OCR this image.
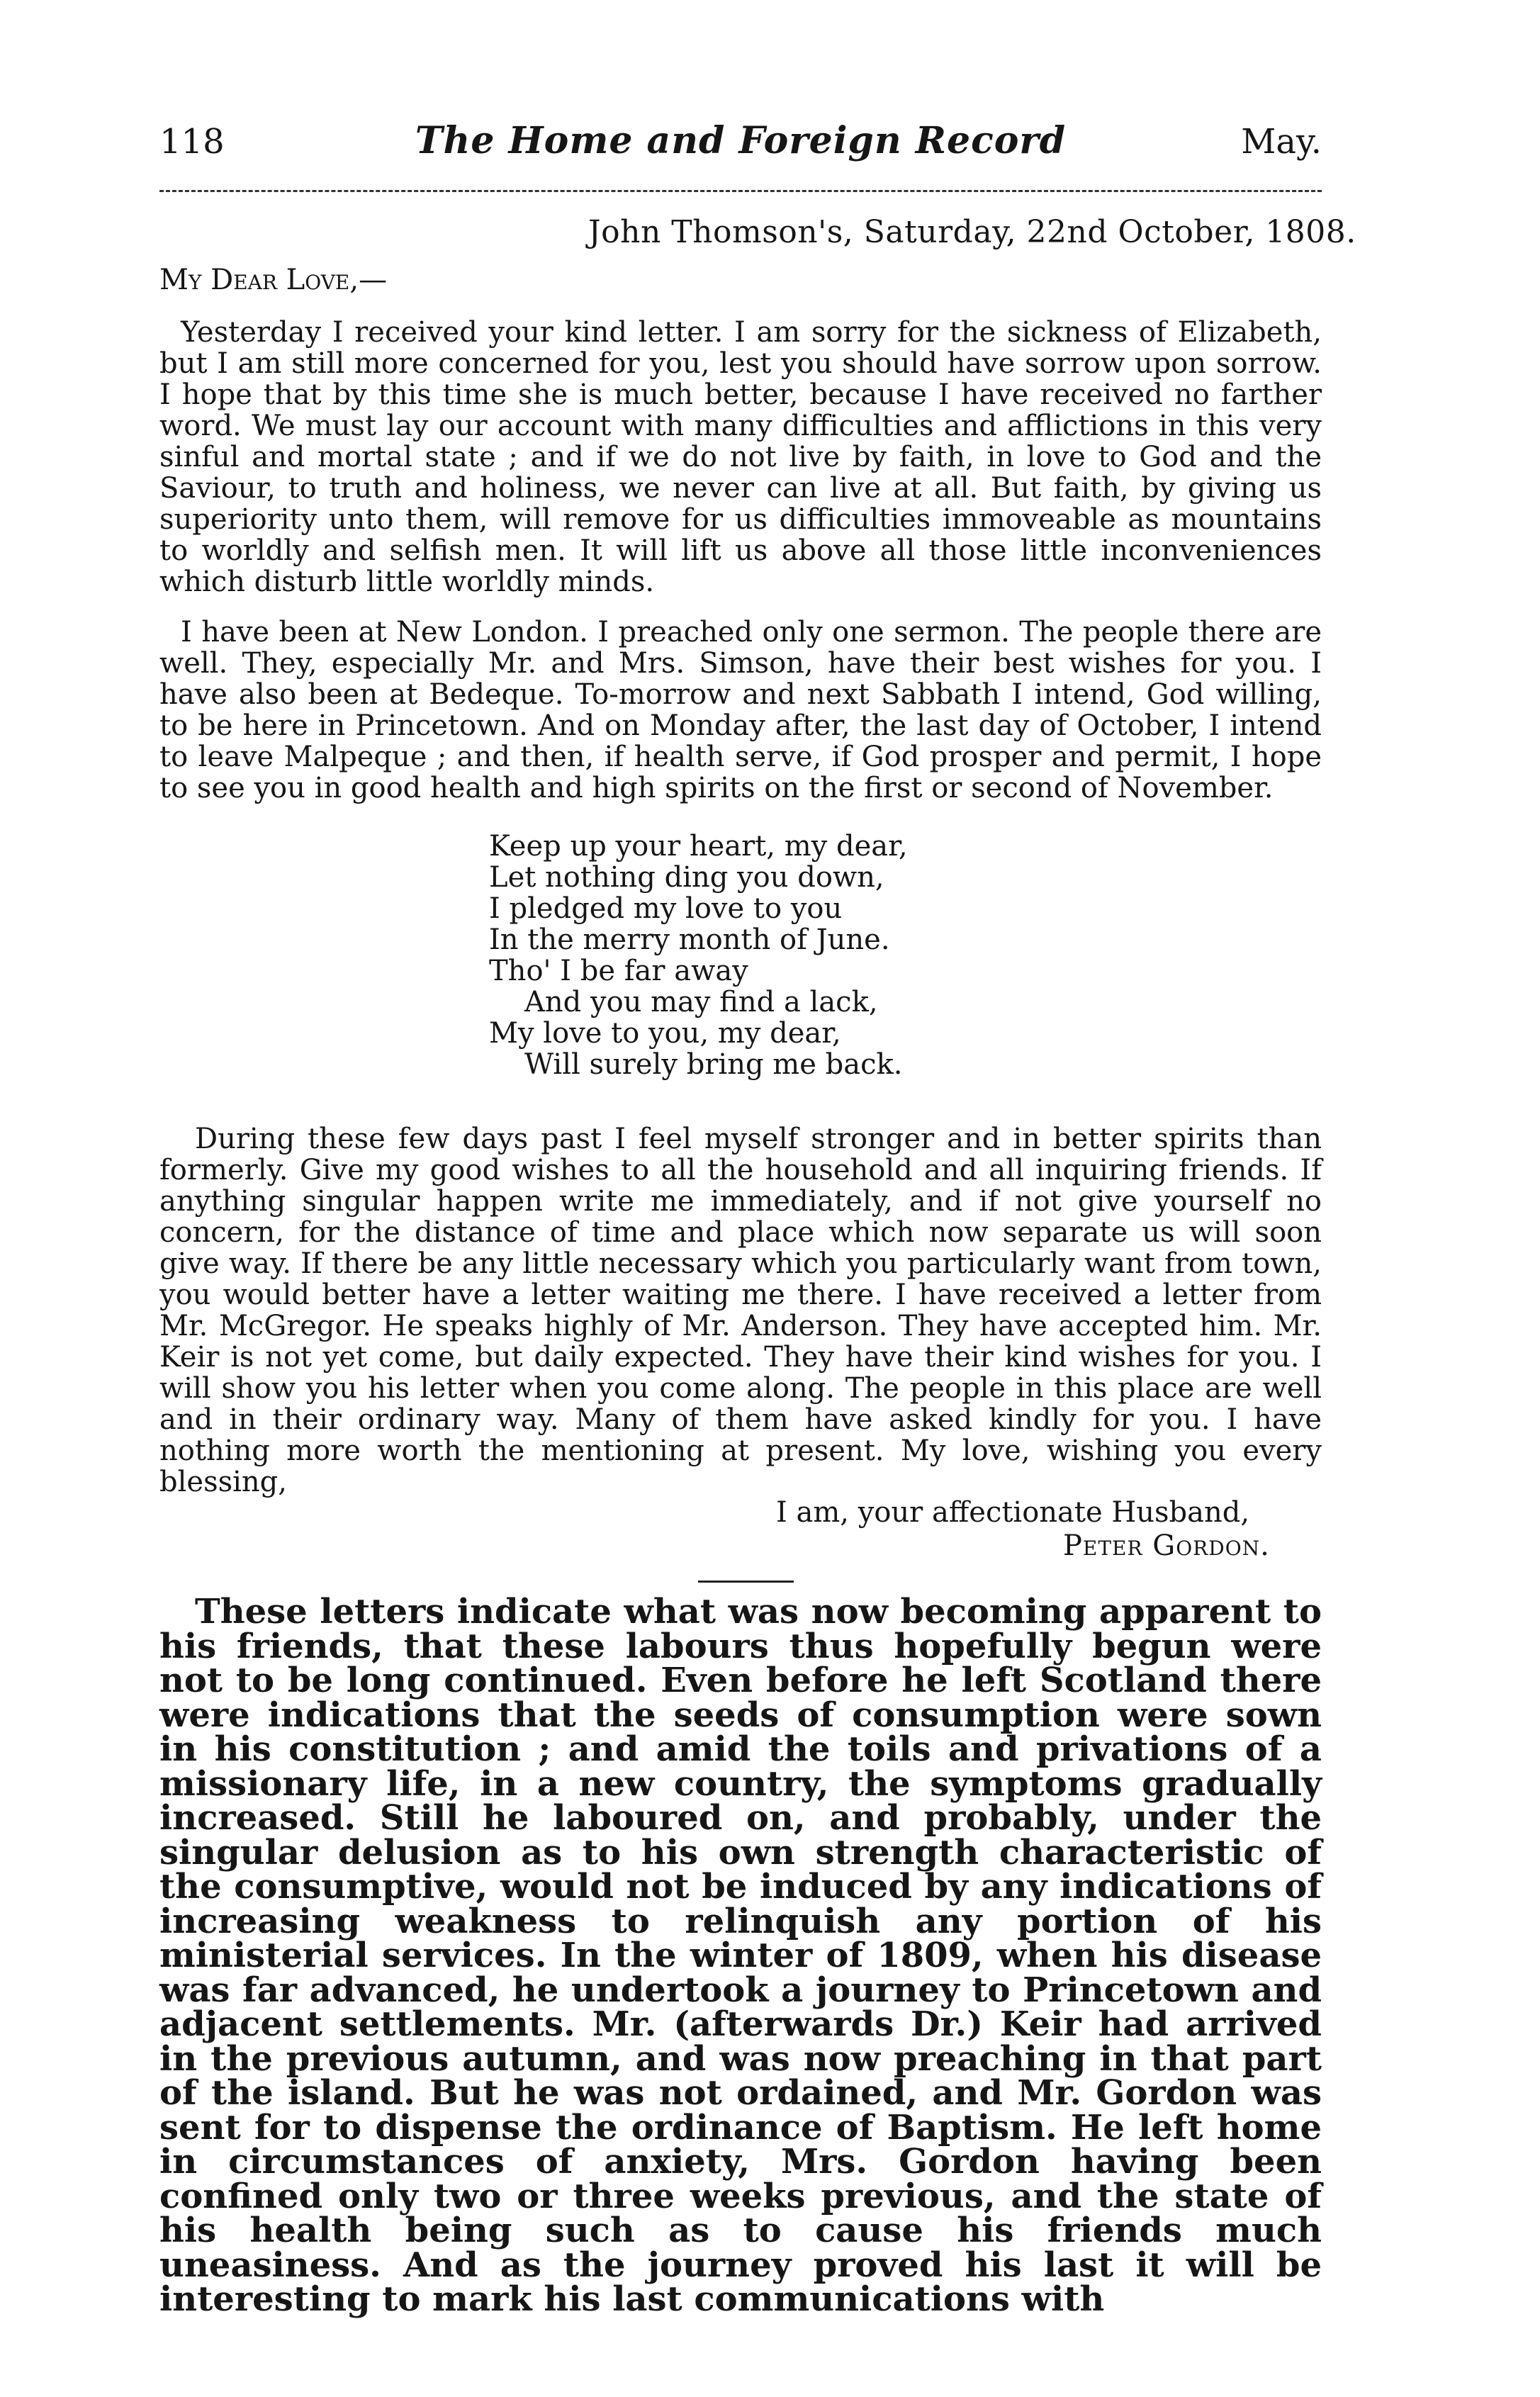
118	The Home and Foreign Record	May.
John Thomson's, Saturday, 22nd October, 1808.
My Dear Love,—

Yesterday I received your kind letter. I am sorry for the sickness of Elizabeth, but I am still more concerned for you, lest you should have sorrow upon sorrow. I hope that by this time she is much better, because I have received no farther word. We must lay our account with many difficulties and afflictions in this very sinful and mortal state ; and if we do not live by faith, in love to God and the Saviour, to truth and holiness, we never can live at all. But faith, by giving us superiority unto them, will remove for us difficulties immoveable as mountains to worldly and selfish men. It will lift us above all those little inconveniences which disturb little worldly minds.

I have been at New London. I preached only one sermon. The people there are well. They, especially Mr. and Mrs. Simson, have their best wishes for you. I have also been at Bedeque. To-morrow and next Sabbath I intend, God willing, to be here in Princetown. And on Monday after, the last day of October, I intend to leave Malpeque ; and then, if health serve, if God prosper and permit, I hope to see you in good health and high spirits on the first or second of November.

Keep up your heart, my dear,
Let nothing ding you down,
I pledged my love to you
In the merry month of June.
Tho' I be far away
And you may find a lack,
My love to you, my dear,
Will surely bring me back.

During these few days past I feel myself stronger and in better spirits than formerly. Give my good wishes to all the household and all inquiring friends. If anything singular happen write me immediately, and if not give yourself no concern, for the distance of time and place which now separate us will soon give way. If there be any little necessary which you particularly want from town, you would better have a letter waiting me there. I have received a letter from Mr. McGregor. He speaks highly of Mr. Anderson. They have accepted him. Mr. Keir is not yet come, but daily expected. They have their kind wishes for you. I will show you his letter when you come along. The people in this place are well and in their ordinary way. Many of them have asked kindly for you. I have nothing more worth the mentioning at present. My love, wishing you every blessing,

I am, your affectionate Husband,
Peter Gordon.

These letters indicate what was now becoming apparent to his friends, that these labours thus hopefully begun were not to be long continued. Even before he left Scotland there were indications that the seeds of consumption were sown in his constitution ; and amid the toils and privations of a missionary life, in a new country, the symptoms gradually increased. Still he laboured on, and probably, under the singular delusion as to his own strength characteristic of the consumptive, would not be induced by any indications of increasing weakness to relinquish any portion of his ministerial services. In the winter of 1809, when his disease was far advanced, he undertook a journey to Princetown and adjacent settlements. Mr. (afterwards Dr.) Keir had arrived in the previous autumn, and was now preaching in that part of the island. But he was not ordained, and Mr. Gordon was sent for to dispense the ordinance of Baptism. He left home in circumstances of anxiety, Mrs. Gordon having been confined only two or three weeks previous, and the state of his health being such as to cause his friends much uneasiness. And as the journey proved his last it will be interesting to mark his last communications with
